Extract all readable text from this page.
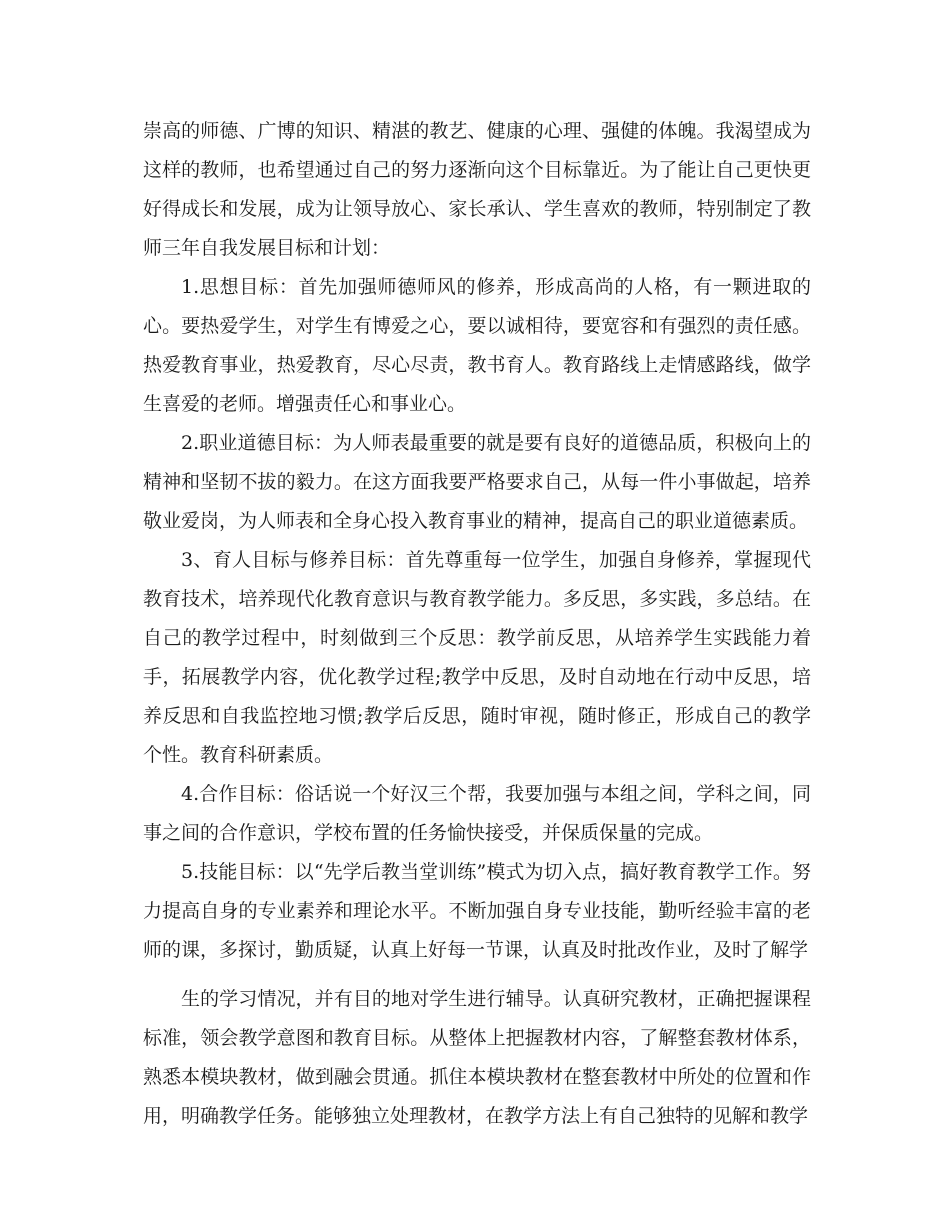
崇高的师德、广博的知识、精湛的教艺、健康的心理、强健的体魄。我渴望成为这样的教师，也希望通过自己的努力逐渐向这个目标靠近。为了能让自己更快更好得成长和发展，成为让领导放心、家长承认、学生喜欢的教师，特别制定了教师三年自我发展目标和计划：

1.思想目标：首先加强师德师风的修养，形成高尚的人格，有一颗进取的心。要热爱学生，对学生有博爱之心，要以诚相待，要宽容和有强烈的责任感。热爱教育事业，热爱教育，尽心尽责，教书育人。教育路线上走情感路线，做学生喜爱的老师。增强责任心和事业心。

2.职业道德目标：为人师表最重要的就是要有良好的道德品质，积极向上的精神和坚韧不拔的毅力。在这方面我要严格要求自己，从每一件小事做起，培养敬业爱岗，为人师表和全身心投入教育事业的精神，提高自己的职业道德素质。

3、育人目标与修养目标：首先尊重每一位学生，加强自身修养，掌握现代教育技术，培养现代化教育意识与教育教学能力。多反思，多实践，多总结。在自己的教学过程中，时刻做到三个反思：教学前反思，从培养学生实践能力着手，拓展教学内容，优化教学过程;教学中反思，及时自动地在行动中反思，培养反思和自我监控地习惯;教学后反思，随时审视，随时修正，形成自己的教学个性。教育科研素质。

4.合作目标：俗话说一个好汉三个帮，我要加强与本组之间，学科之间，同事之间的合作意识，学校布置的任务愉快接受，并保质保量的完成。

5.技能目标：以“先学后教当堂训练”模式为切入点，搞好教育教学工作。努力提高自身的专业素养和理论水平。不断加强自身专业技能，勤听经验丰富的老师的课，多探讨，勤质疑，认真上好每一节课，认真及时批改作业，及时了解学

生的学习情况，并有目的地对学生进行辅导。认真研究教材，正确把握课程标准，领会教学意图和教育目标。从整体上把握教材内容，了解整套教材体系，熟悉本模块教材，做到融会贯通。抓住本模块教材在整套教材中所处的位置和作用，明确教学任务。能够独立处理教材，在教学方法上有自己独特的见解和教学
